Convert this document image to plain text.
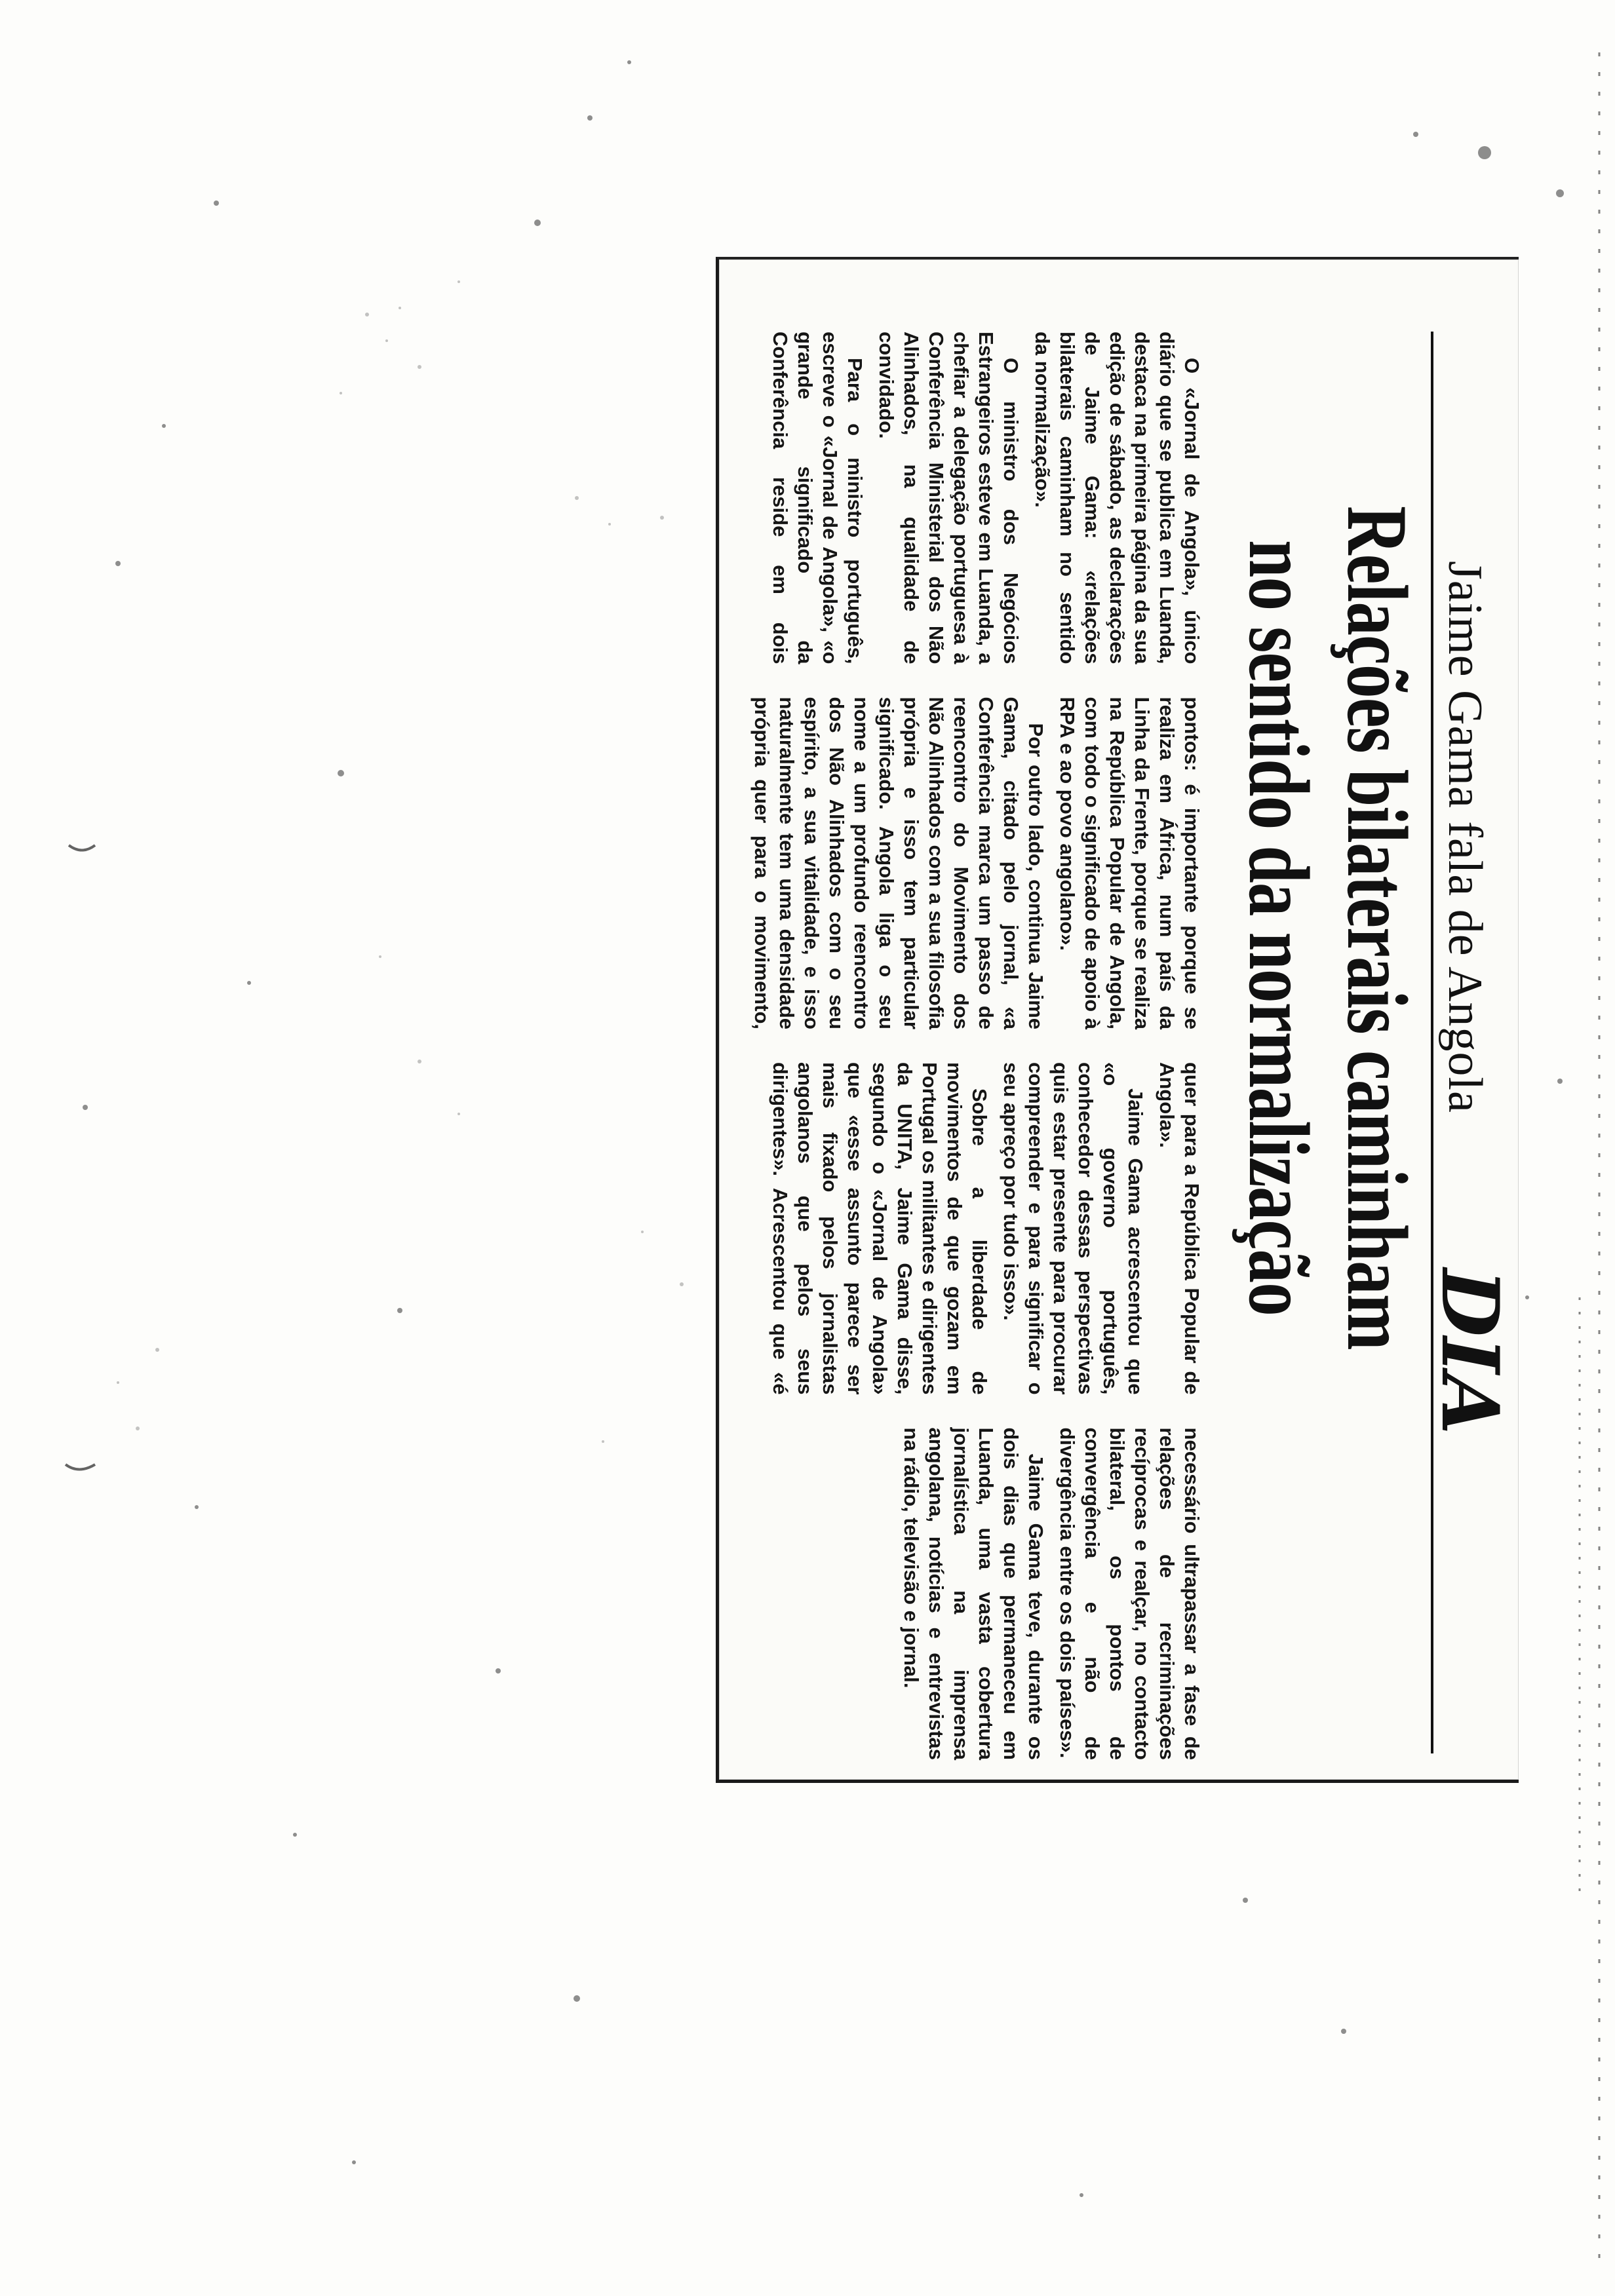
Jaime Gama fala de Angola
DIA
Relações bilaterais caminham
no sentido da normalização

O «Jornal de Angola», único diário que se publica em Luanda, destaca na primeira página da sua edição de sábado, as declarações de Jaime Gama: «relações bilaterais caminham no sentido da normalização».

O ministro dos Negócios Estrangeiros esteve em Luanda, a chefiar a delegação portuguesa à Conferência Ministerial dos Não Alinhados, na qualidade de convidado.

Para o ministro português, escreve o «Jornal de Angola», «o grande significado da Conferência reside em dois pontos: é importante porque se realiza em África, num país da Linha da Frente, porque se realiza na República Popular de Angola, com todo o significado de apoio à RPA e ao povo angolano».

Por outro lado, continua Jaime Gama, citado pelo jornal, «a Conferência marca um passo de reencontro do Movimento dos Não Alinhados com a sua filosofia própria e isso tem particular significado. Angola liga o seu nome a um profundo reencontro dos Não Alinhados com o seu espírito, a sua vitalidade, e isso naturalmente tem uma densidade própria quer para o movimento, quer para a República Popular de Angola».

Jaime Gama acrescentou que «o governo português, conhecedor dessas perspectivas quis estar presente para procurar compreender e para significar o seu apreço por tudo isso».

Sobre a liberdade de movimentos de que gozam em Portugal os militantes e dirigentes da UNITA, Jaime Gama disse, segundo o «Jornal de Angola» que «esse assunto parece ser mais fixado pelos jornalistas angolanos que pelos seus dirigentes». Acrescentou que «é necessário ultrapassar a fase de relações de recriminações recíprocas e realçar, no contacto bilateral, os pontos de convergência e não de divergência entre os dois países».

Jaime Gama teve, durante os dois dias que permaneceu em Luanda, uma vasta cobertura jornalística na imprensa angolana, notícias e entrevistas na rádio, televisão e jornal.
